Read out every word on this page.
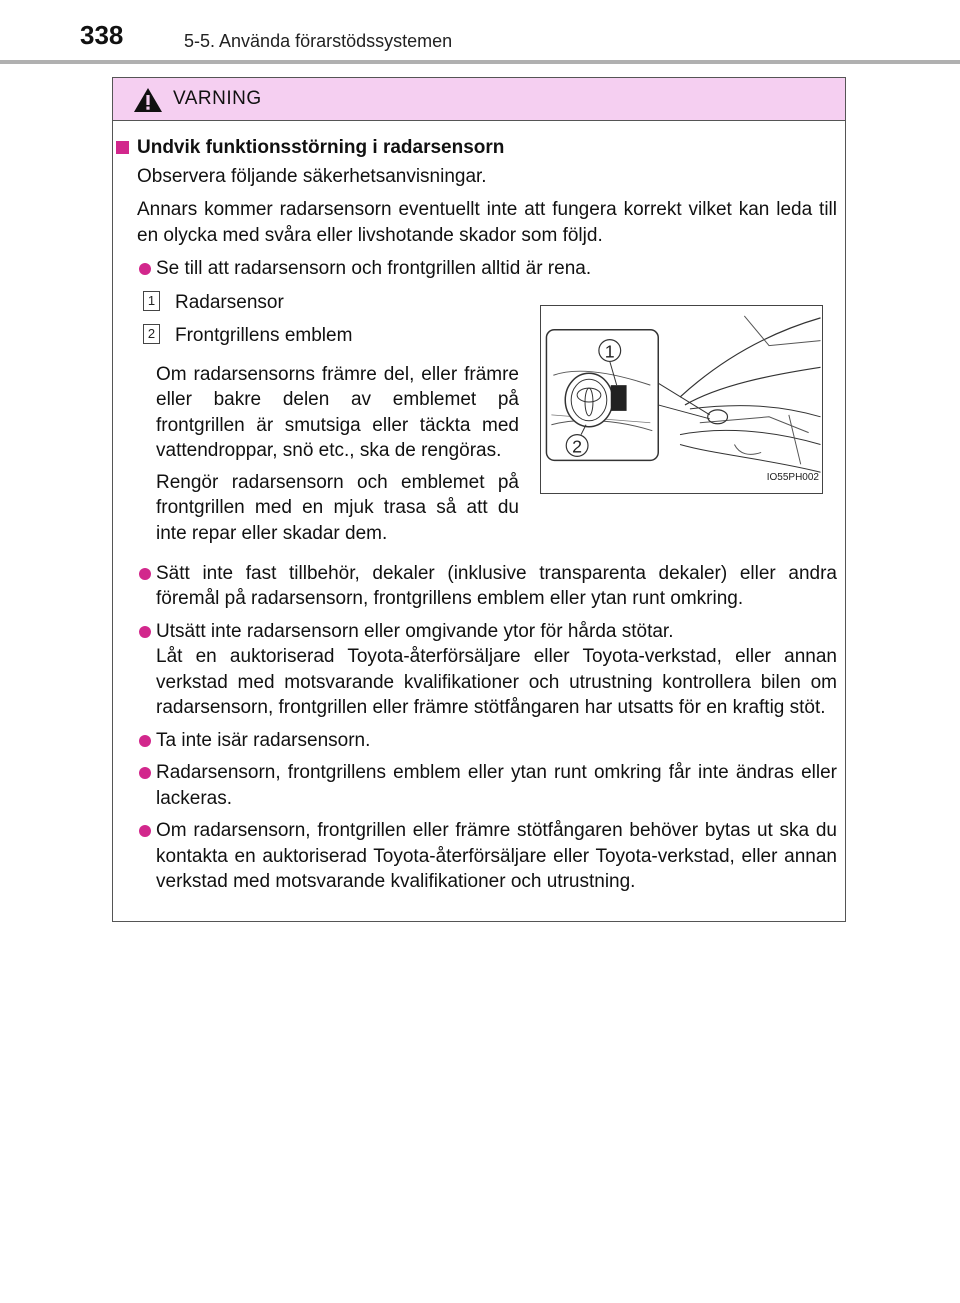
338	5-5. Använda förarstödssystemen
VARNING
Undvik funktionsstörning i radarsensorn
Observera följande säkerhetsanvisningar.
Annars kommer radarsensorn eventuellt inte att fungera korrekt vilket kan leda till en olycka med svåra eller livshotande skador som följd.
Se till att radarsensorn och frontgrillen alltid är rena.
1 Radarsensor
2 Frontgrillens emblem
Om radarsensorns främre del, eller främre eller bakre delen av emblemet på frontgrillen är smutsiga eller täckta med vattendroppar, snö etc., ska de rengöras.
Rengör radarsensorn och emblemet på frontgrillen med en mjuk trasa så att du inte repar eller skadar dem.
1
2
IO55PH002
Sätt inte fast tillbehör, dekaler (inklusive transparenta dekaler) eller andra föremål på radarsensorn, frontgrillens emblem eller ytan runt omkring.
Utsätt inte radarsensorn eller omgivande ytor för hårda stötar.
Låt en auktoriserad Toyota-återförsäljare eller Toyota-verkstad, eller annan verkstad med motsvarande kvalifikationer och utrustning kontrollera bilen om radarsensorn, frontgrillen eller främre stötfångaren har utsatts för en kraftig stöt.
Ta inte isär radarsensorn.
Radarsensorn, frontgrillens emblem eller ytan runt omkring får inte ändras eller lackeras.
Om radarsensorn, frontgrillen eller främre stötfångaren behöver bytas ut ska du kontakta en auktoriserad Toyota-återförsäljare eller Toyota-verkstad, eller annan verkstad med motsvarande kvalifikationer och utrustning.
